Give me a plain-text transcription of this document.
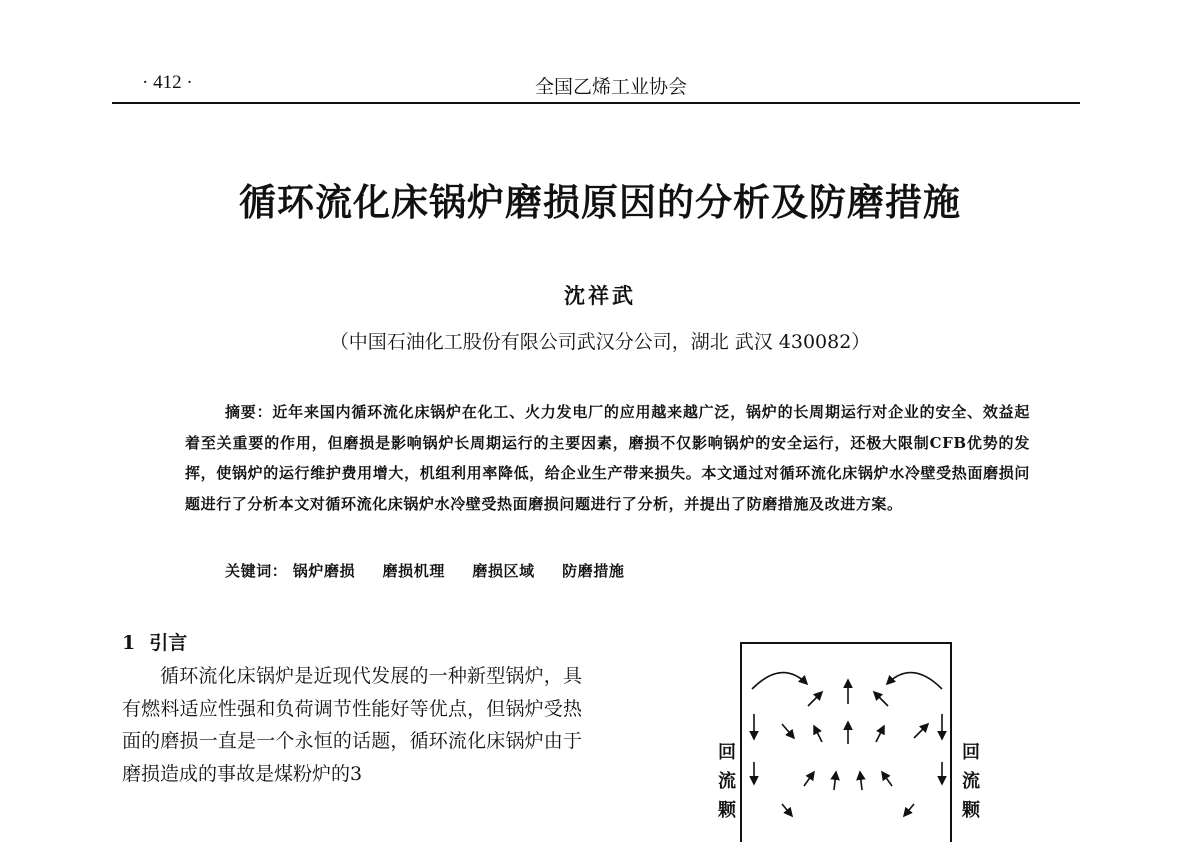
· 412 ·	全国乙烯工业协会
循环流化床锅炉磨损原因的分析及防磨措施
沈祥武
（中国石油化工股份有限公司武汉分公司，湖北 武汉 430082）
摘要：近年来国内循环流化床锅炉在化工、火力发电厂的应用越来越广泛，锅炉的长周期运行对企业的安全、效益起着至关重要的作用，但磨损是影响锅炉长周期运行的主要因素，磨损不仅影响锅炉的安全运行，还极大限制CFB优势的发挥，使锅炉的运行维护费用增大，机组利用率降低，给企业生产带来损失。本文通过对循环流化床锅炉水冷壁受热面磨损问题进行了分析本文对循环流化床锅炉水冷壁受热面磨损问题进行了分析，并提出了防磨措施及改进方案。
关键词： 锅炉磨损 磨损机理 磨损区域 防磨措施
1 引言
循环流化床锅炉是近现代发展的一种新型锅炉，具有燃料适应性强和负荷调节性能好等优点，但锅炉受热面的磨损一直是一个永恒的话题，循环流化床锅炉由于磨损造成的事故是煤粉炉的3
回
流
颗
回
流
颗
